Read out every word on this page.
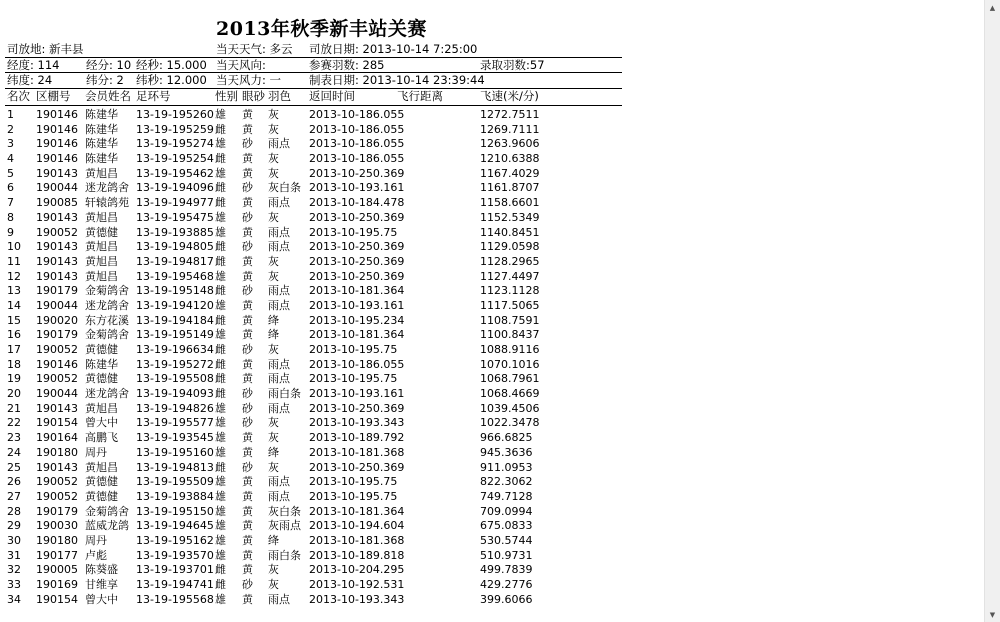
2013年秋季新丰站关赛
司放地: 新丰县	当天天气: 多云 司放日期: 2013-10-14 7:25:00
经度: 114 经分: 10 经秒: 15.000 当天风向:	参赛羽数: 285	录取羽数:57
纬度: 24	纬分: 2 纬秒: 12.000 当天风力: 一 制表日期: 2013-10-14 23:39:44
名次 区棚号 会员姓名 足环号	性别 眼砂 羽色 返回时间	飞行距离	飞速(米/分)
1 190146 陈建华 13-19-195260 雄 黄 灰	2013-10-186.055	1272.7511
2 190146 陈建华 13-19-195259 雌 黄 灰	2013-10-186.055	1269.7111
3 190146 陈建华 13-19-195274 雄 砂 雨点 2013-10-186.055	1263.9606
4 190146 陈建华 13-19-195254 雌 黄 灰	2013-10-186.055	1210.6388
5 190143 黄旭昌 13-19-195462 雄 黄 灰	2013-10-250.369	1167.4029
6 190044 迷龙鸽舍 13-19-194096 雌 砂 灰白条 2013-10-193.161	1161.8707
7 190085 轩辕鸽苑 13-19-194977 雌 黄 雨点 2013-10-184.478	1158.6601
8 190143 黄旭昌 13-19-195475 雄 砂 灰	2013-10-250.369	1152.5349
9 190052 黄德健 13-19-193885 雄 黄 雨点 2013-10-195.75	1140.8451
10 190143 黄旭昌 13-19-194805 雌 砂 雨点 2013-10-250.369	1129.0598
11 190143 黄旭昌 13-19-194817 雌 黄 灰	2013-10-250.369	1128.2965
12 190143 黄旭昌 13-19-195468 雄 黄 灰	2013-10-250.369	1127.4497
13 190179 金菊鸽舍 13-19-195148 雌 砂 雨点 2013-10-181.364	1123.1128
14 190044 迷龙鸽舍 13-19-194120 雄 黄 雨点 2013-10-193.161	1117.5065
15 190020 东方花溪 13-19-194184 雌 黄 绛	2013-10-195.234	1108.7591
16 190179 金菊鸽舍 13-19-195149 雄 黄 绛	2013-10-181.364	1100.8437
17 190052 黄德健 13-19-196634 雌 砂 灰	2013-10-195.75	1088.9116
18 190146 陈建华 13-19-195272 雌 黄 雨点 2013-10-186.055	1070.1016
19 190052 黄德健 13-19-195508 雌 黄 雨点 2013-10-195.75	1068.7961
20 190044 迷龙鸽舍 13-19-194093 雌 砂 雨白条 2013-10-193.161	1068.4669
21 190143 黄旭昌 13-19-194826 雄 砂 雨点 2013-10-250.369	1039.4506
22 190154 曾大中 13-19-195577 雄 砂 灰	2013-10-193.343	1022.3478
23 190164 高鹏飞 13-19-193545 雄 黄 灰	2013-10-189.792	966.6825
24 190180 周丹	13-19-195160 雄 黄 绛	2013-10-181.368	945.3636
25 190143 黄旭昌 13-19-194813 雌 砂 灰	2013-10-250.369	911.0953
26 190052 黄德健 13-19-195509 雄 黄 雨点 2013-10-195.75	822.3062
27 190052 黄德健 13-19-193884 雄 黄 雨点 2013-10-195.75	749.7128
28 190179 金菊鸽舍 13-19-195150 雄 黄 灰白条 2013-10-181.364	709.0994
29 190030 蓝威龙鸽 13-19-194645 雄 黄 灰雨点 2013-10-194.604	675.0833
30 190180 周丹	13-19-195162 雄 黄 绛	2013-10-181.368	530.5744
31 190177 卢彪	13-19-193570 雄 黄 雨白条 2013-10-189.818	510.9731
32 190005 陈葵盛 13-19-193701 雌 黄 灰	2013-10-204.295	499.7839
33 190169 甘维享 13-19-194741 雌 砂 灰	2013-10-192.531	429.2776
34 190154 曾大中 13-19-195568 雄 黄 雨点 2013-10-193.343	399.6066
▲
▼
